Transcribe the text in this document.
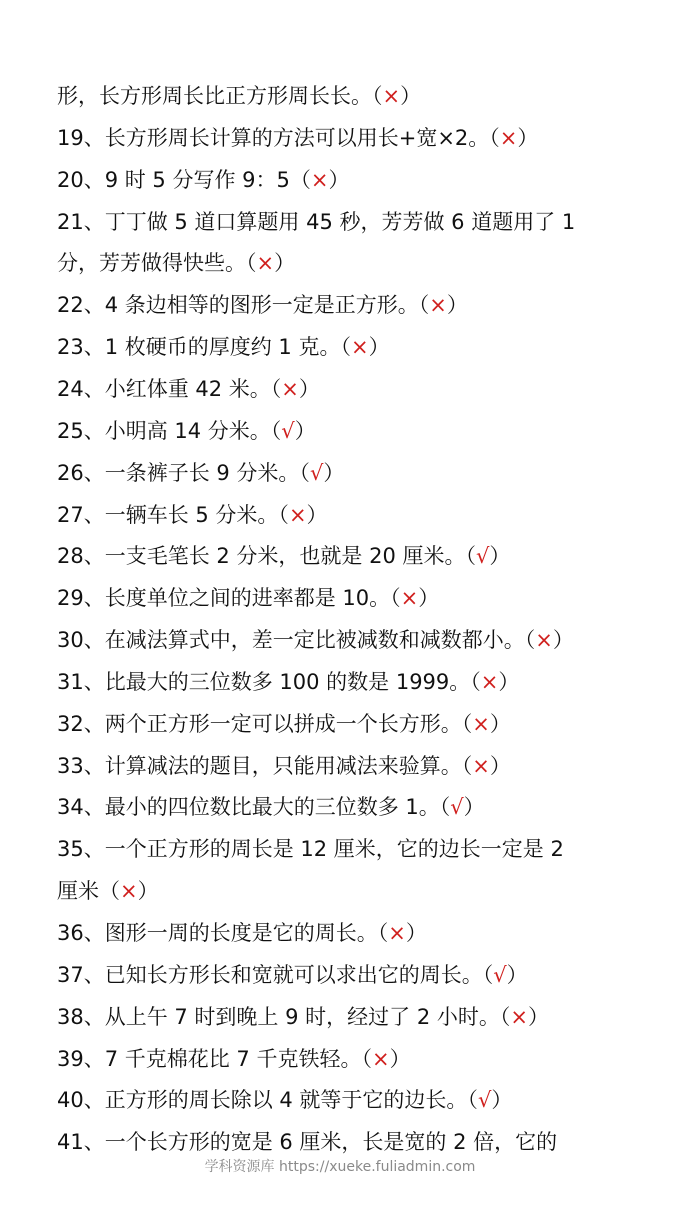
形，长方形周长比正方形周长长。（×）
19、长方形周长计算的方法可以用长+宽×2。（×）
20、9 时 5 分写作 9：5（×）
21、丁丁做 5 道口算题用 45 秒，芳芳做 6 道题用了 1
分，芳芳做得快些。（×）
22、4 条边相等的图形一定是正方形。（×）
23、1 枚硬币的厚度约 1 克。（×）
24、小红体重 42 米。（×）
25、小明高 14 分米。（√）
26、一条裤子长 9 分米。（√）
27、一辆车长 5 分米。（×）
28、一支毛笔长 2 分米，也就是 20 厘米。（√）
29、长度单位之间的进率都是 10。（×）
30、在减法算式中，差一定比被减数和减数都小。（×）
31、比最大的三位数多 100 的数是 1999。（×）
32、两个正方形一定可以拼成一个长方形。（×）
33、计算减法的题目，只能用减法来验算。（×）
34、最小的四位数比最大的三位数多 1。（√）
35、一个正方形的周长是 12 厘米，它的边长一定是 2
厘米（×）
36、图形一周的长度是它的周长。（×）
37、已知长方形长和宽就可以求出它的周长。（√）
38、从上午 7 时到晚上 9 时，经过了 2 小时。（×）
39、7 千克棉花比 7 千克铁轻。（×）
40、正方形的周长除以 4 就等于它的边长。（√）
41、一个长方形的宽是 6 厘米，长是宽的 2 倍，它的
学科资源库 https://xueke.fuliadmin.com
